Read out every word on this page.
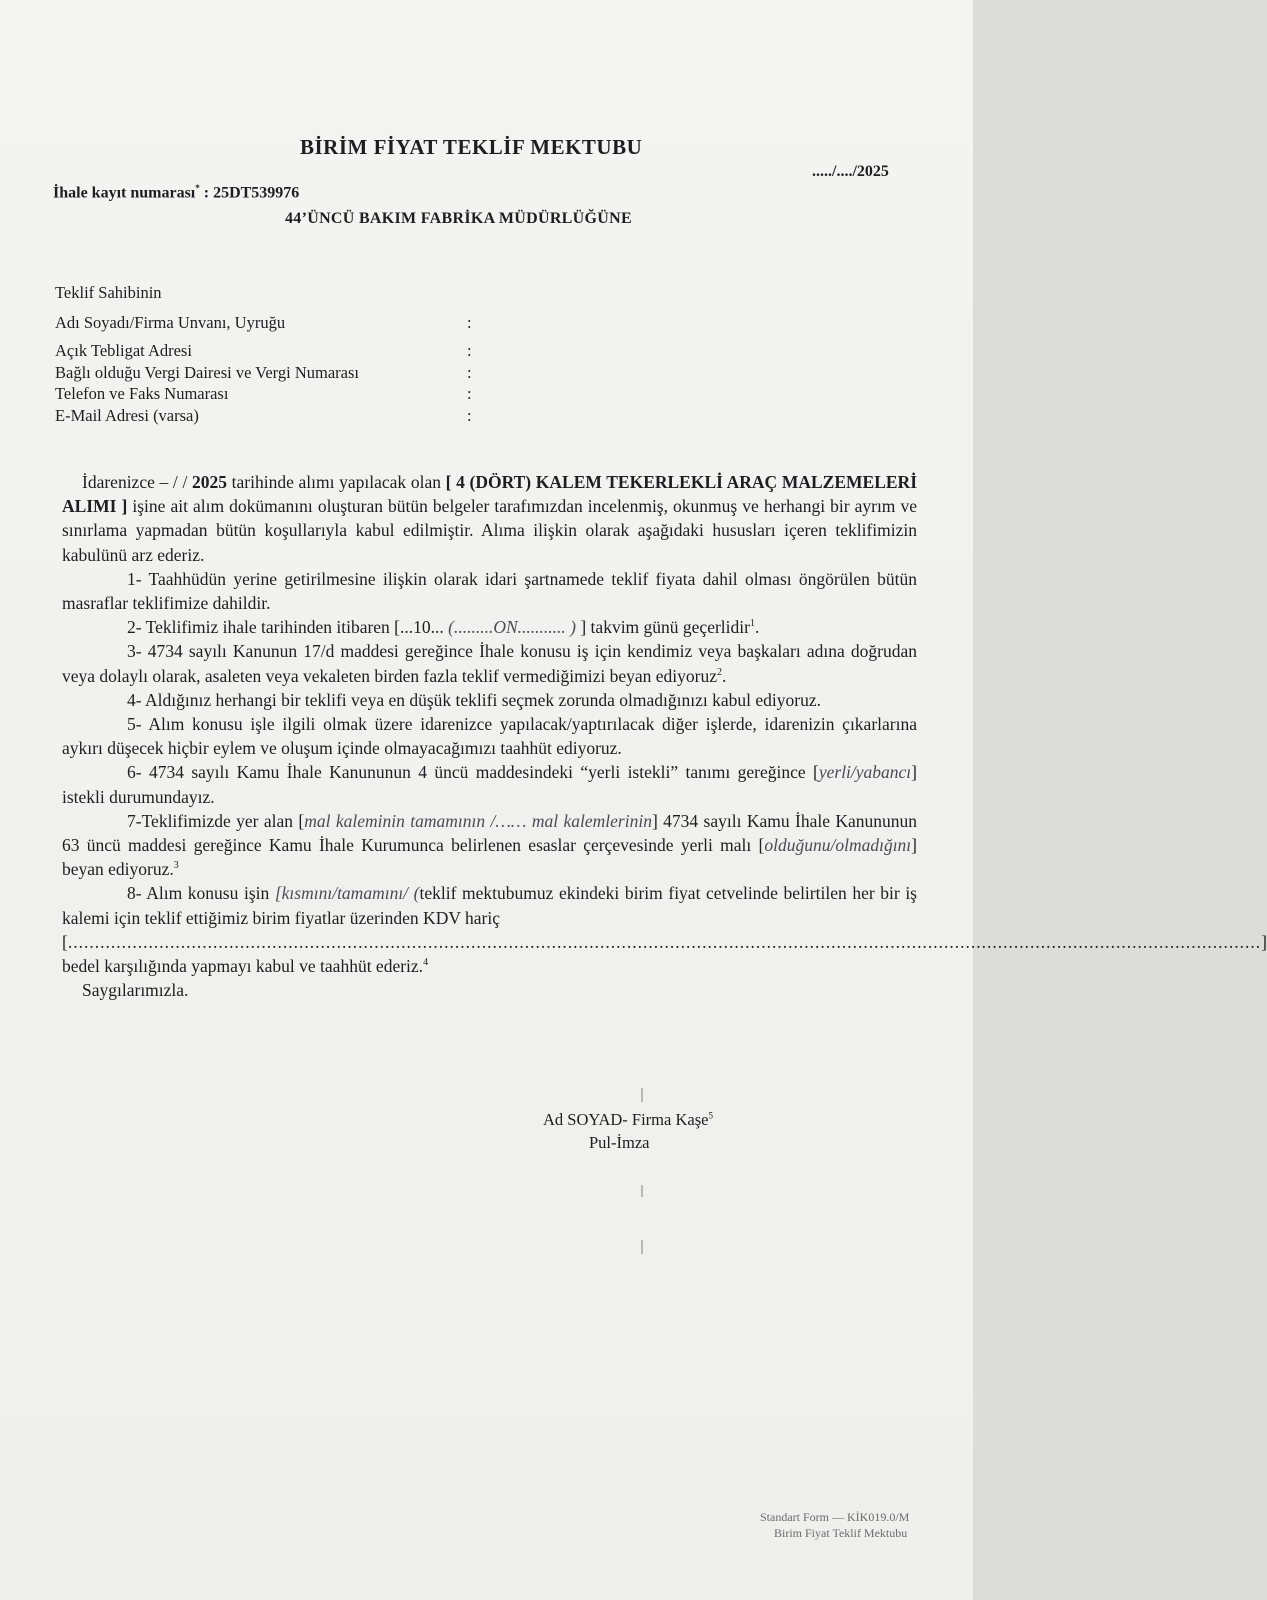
BİRİM FİYAT TEKLİF MEKTUBU
...../..../2025
İhale kayıt numarası* : 25DT539976
44’ÜNCÜ BAKIM FABRİKA MÜDÜRLÜĞÜNE
Teklif Sahibinin
Adı Soyadı/Firma Unvanı, Uyruğu	:
Açık Tebligat Adresi	:
Bağlı olduğu Vergi Dairesi ve Vergi Numarası	:
Telefon ve Faks Numarası	:
E-Mail Adresi (varsa)	:

İdarenizce – / / 2025 tarihinde alımı yapılacak olan [ 4 (DÖRT) KALEM TEKERLEKLİ ARAÇ MALZEMELERİ ALIMI ] işine ait alım dokümanını oluşturan bütün belgeler tarafımızdan incelenmiş, okunmuş ve herhangi bir ayrım ve sınırlama yapmadan bütün koşullarıyla kabul edilmiştir. Alıma ilişkin olarak aşağıdaki hususları içeren teklifimizin kabulünü arz ederiz.

1- Taahhüdün yerine getirilmesine ilişkin olarak idari şartnamede teklif fiyata dahil olması öngörülen bütün masraflar teklifimize dahildir.

2- Teklifimiz ihale tarihinden itibaren [...10... (.........ON........... ) ] takvim günü geçerlidir$^1$.

3- 4734 sayılı Kanunun 17/d maddesi gereğince İhale konusu iş için kendimiz veya başkaları adına doğrudan veya dolaylı olarak, asaleten veya vekaleten birden fazla teklif vermediğimizi beyan ediyoruz$^2$.

4- Aldığınız herhangi bir teklifi veya en düşük teklifi seçmek zorunda olmadığınızı kabul ediyoruz.

5- Alım konusu işle ilgili olmak üzere idarenizce yapılacak/yaptırılacak diğer işlerde, idarenizin çıkarlarına aykırı düşecek hiçbir eylem ve oluşum içinde olmayacağımızı taahhüt ediyoruz.

6- 4734 sayılı Kamu İhale Kanununun 4 üncü maddesindeki “yerli istekli” tanımı gereğince [yerli/yabancı] istekli durumundayız.

7-Teklifimizde yer alan [mal kaleminin tamamının /…… mal kalemlerinin] 4734 sayılı Kamu İhale Kanununun 63 üncü maddesi gereğince Kamu İhale Kurumunca belirlenen esaslar çerçevesinde yerli malı [olduğunu/olmadığını] beyan ediyoruz.$^3$

8- Alım konusu işin [kısmını/tamamını/ (teklif mektubumuz ekindeki birim fiyat cetvelinde belirtilen her bir iş kalemi için teklif ettiğimiz birim fiyatlar üzerinden KDV hariç

[ .............................................................................................................................................................................................................................. ]

bedel karşılığında yapmayı kabul ve taahhüt ederiz.$^4$

Saygılarımızla.

Ad SOYAD- Firma Kaşe$^5$
Pul-İmza
Standart Form — KİK019.0/M
Birim Fiyat Teklif Mektubu
